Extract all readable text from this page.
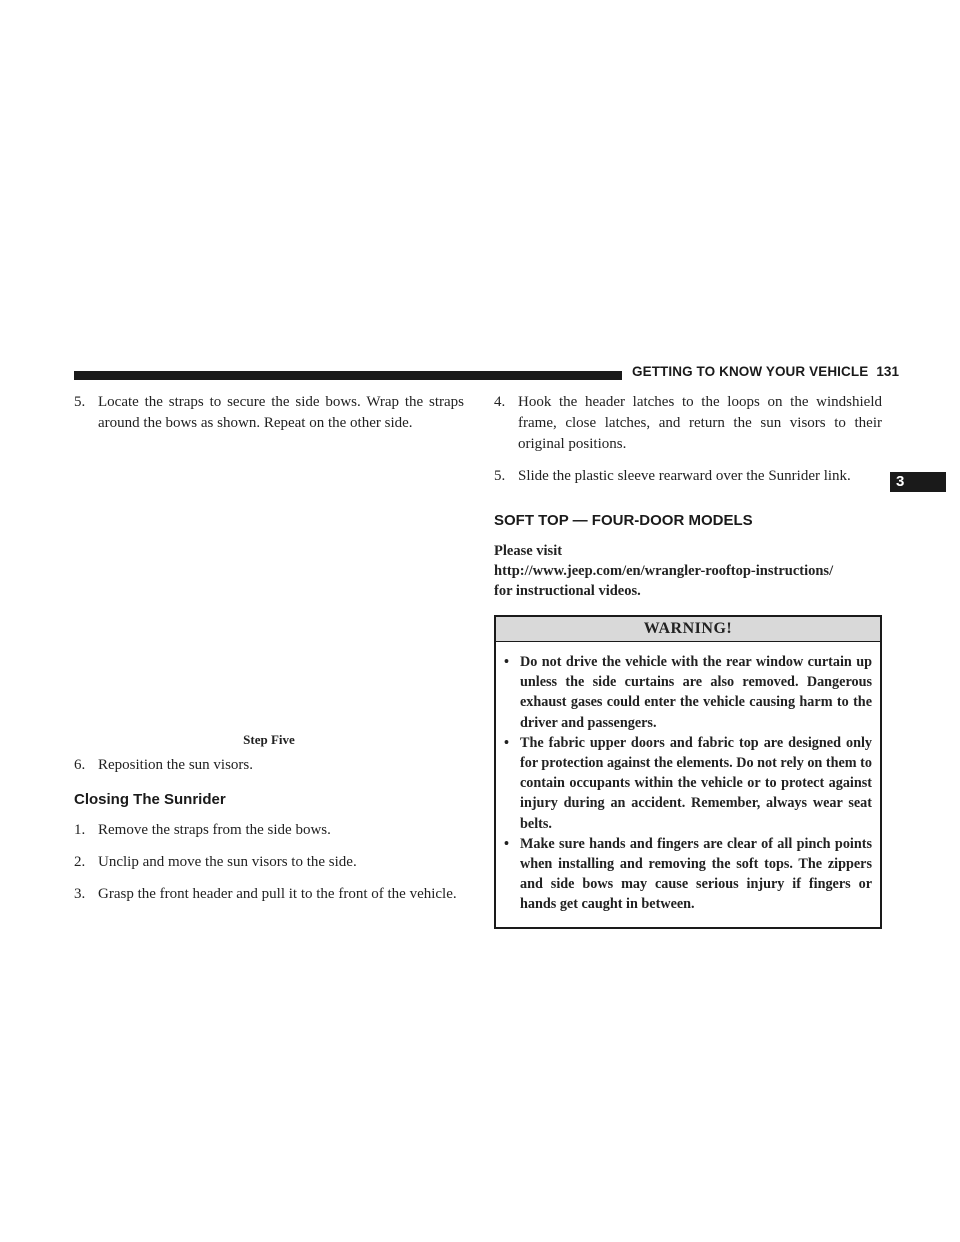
GETTING TO KNOW YOUR VEHICLE 131
3

5. Locate the straps to secure the side bows. Wrap the straps around the bows as shown. Repeat on the other side.

Step Five

6. Reposition the sun visors.

Closing The Sunrider

1. Remove the straps from the side bows.

2. Unclip and move the sun visors to the side.

3. Grasp the front header and pull it to the front of the vehicle.

4. Hook the header latches to the loops on the windshield frame, close latches, and return the sun visors to their original positions.

5. Slide the plastic sleeve rearward over the Sunrider link.

SOFT TOP — FOUR-DOOR MODELS

Please visit
http://www.jeep.com/en/wrangler-rooftop-instructions/
for instructional videos.

WARNING!
• Do not drive the vehicle with the rear window curtain up unless the side curtains are also removed. Dangerous exhaust gases could enter the vehicle causing harm to the driver and passengers.
• The fabric upper doors and fabric top are designed only for protection against the elements. Do not rely on them to contain occupants within the vehicle or to protect against injury during an accident. Remember, always wear seat belts.
• Make sure hands and fingers are clear of all pinch points when installing and removing the soft tops. The zippers and side bows may cause serious injury if fingers or hands get caught in between.
